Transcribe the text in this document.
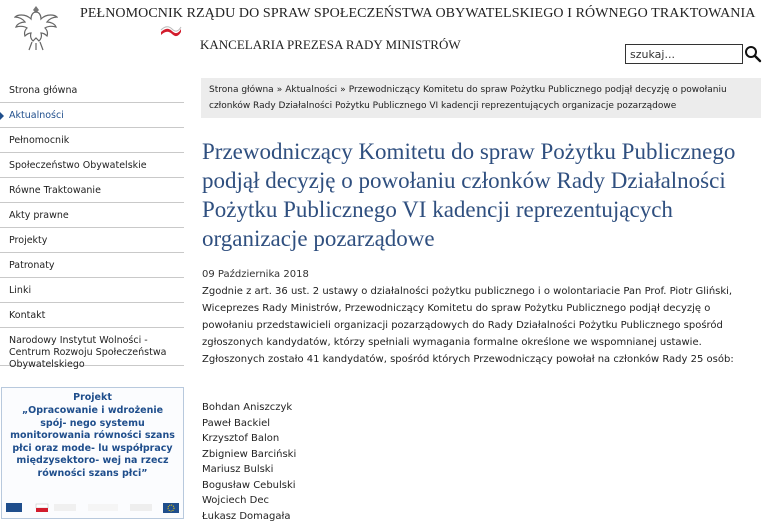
PEŁNOMOCNIK RZĄDU DO SPRAW SPOŁECZEŃSTWA OBYWATELSKIEGO I RÓWNEGO TRAKTOWANIA
KANCELARIA PREZESA RADY MINISTRÓW
szukaj...
Strona główna
Aktualności
Pełnomocnik
Społeczeństwo Obywatelskie
Równe Traktowanie
Akty prawne
Projekty
Patronaty
Linki
Kontakt
Narodowy Instytut Wolności - Centrum Rozwoju Społeczeństwa Obywatelskiego
Projekt
„Opracowanie i wdrożenie spój- nego systemu monitorowania równości szans płci oraz mode- lu współpracy międzysektoro- wej na rzecz równości szans płci”
Strona główna » Aktualności » Przewodniczący Komitetu do spraw Pożytku Publicznego podjął decyzję o powołaniu członków Rady Działalności Pożytku Publicznego VI kadencji reprezentujących organizacje pozarządowe
Przewodniczący Komitetu do spraw Pożytku Publicznego podjął decyzję o powołaniu członków Rady Działalności Pożytku Publicznego VI kadencji reprezentujących organizacje pozarządowe
09 Października 2018

Zgodnie z art. 36 ust. 2 ustawy o działalności pożytku publicznego i o wolontariacie Pan Prof. Piotr Gliński, Wiceprezes Rady Ministrów, Przewodniczący Komitetu do spraw Pożytku Publicznego podjął decyzję o powołaniu przedstawicieli organizacji pozarządowych do Rady Działalności Pożytku Publicznego spośród zgłoszonych kandydatów, którzy spełniali wymagania formalne określone we wspomnianej ustawie. Zgłoszonych zostało 41 kandydatów, spośród których Przewodniczący powołał na członków Rady 25 osób:

Bohdan Aniszczyk
Paweł Backiel
Krzysztof Balon
Zbigniew Barciński
Mariusz Bulski
Bogusław Cebulski
Wojciech Dec
Łukasz Domagała
